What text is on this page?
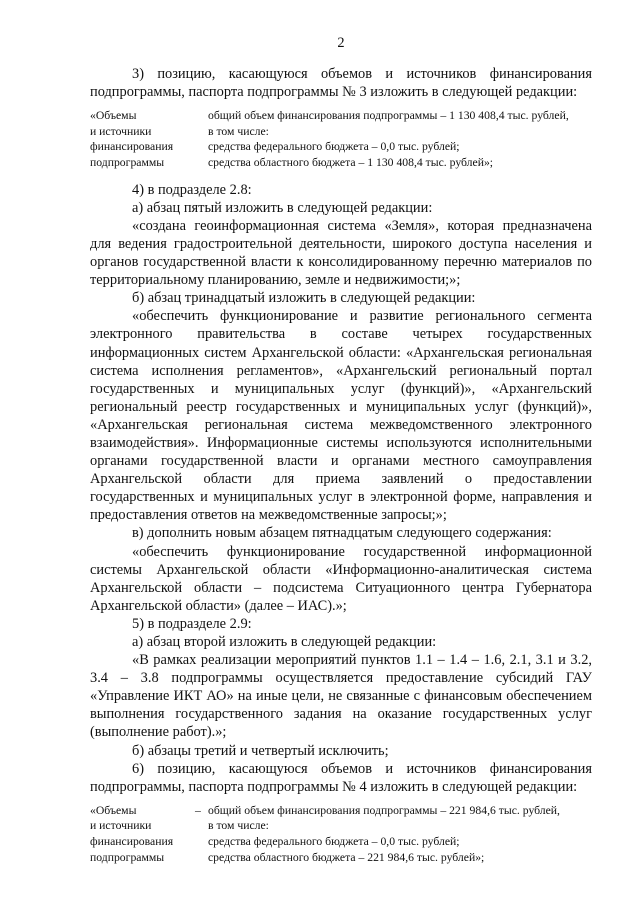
2

3) позицию, касающуюся объемов и источников финансирования подпрограммы, паспорта подпрограммы № 3 изложить в следующей редакции:

«Объемы
и источники
финансирования
подпрограммы
общий объем финансирования подпрограммы – 1 130 408,4 тыс. рублей,
в том числе:
средства федерального бюджета – 0,0 тыс. рублей;
средства областного бюджета – 1 130 408,4 тыс. рублей»;

4) в подразделе 2.8:

а) абзац пятый изложить в следующей редакции:

«создана геоинформационная система «Земля», которая предназначена для ведения градостроительной деятельности, широкого доступа населения и органов государственной власти к консолидированному перечню материалов по территориальному планированию, земле и недвижимости;»;

б) абзац тринадцатый изложить в следующей редакции:

«обеспечить функционирование и развитие регионального сегмента электронного правительства в составе четырех государственных информационных систем Архангельской области: «Архангельская региональная система исполнения регламентов», «Архангельский региональный портал государственных и муниципальных услуг (функций)», «Архангельский региональный реестр государственных и муниципальных услуг (функций)», «Архангельская региональная система межведомственного электронного взаимодействия». Информационные системы используются исполнительными органами государственной власти и органами местного самоуправления Архангельской области для приема заявлений о предоставлении государственных и муниципальных услуг в электронной форме, направления и предоставления ответов на межведомственные запросы;»;

в) дополнить новым абзацем пятнадцатым следующего содержания:

«обеспечить функционирование государственной информационной системы Архангельской области «Информационно-аналитическая система Архангельской области – подсистема Ситуационного центра Губернатора Архангельской области» (далее – ИАС).»;

5) в подразделе 2.9:

а) абзац второй изложить в следующей редакции:

«В рамках реализации мероприятий пунктов 1.1 – 1.4 – 1.6, 2.1, 3.1 и 3.2, 3.4 – 3.8 подпрограммы осуществляется предоставление субсидий ГАУ «Управление ИКТ АО» на иные цели, не связанные с финансовым обеспечением выполнения государственного задания на оказание государственных услуг (выполнение работ).»;

б) абзацы третий и четвертый исключить;

6) позицию, касающуюся объемов и источников финансирования подпрограммы, паспорта подпрограммы № 4 изложить в следующей редакции:

«Объемы
и источники
финансирования
подпрограммы
– общий объем финансирования подпрограммы – 221 984,6 тыс. рублей,
в том числе:
средства федерального бюджета – 0,0 тыс. рублей;
средства областного бюджета – 221 984,6 тыс. рублей»;
